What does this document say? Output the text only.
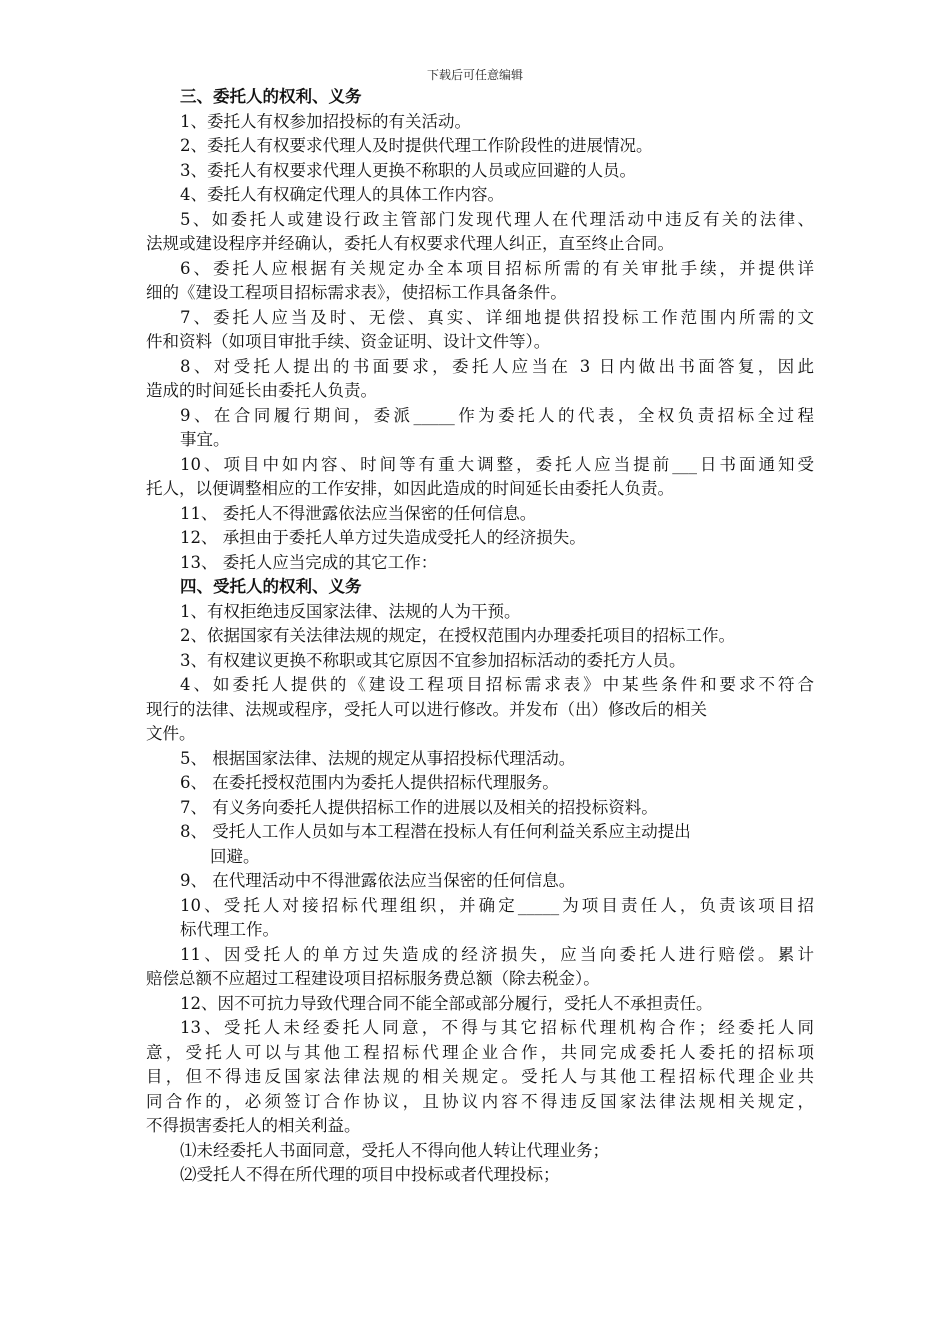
下载后可任意编辑
三、委托人的权利、义务
1、委托人有权参加招投标的有关活动。
2、委托人有权要求代理人及时提供代理工作阶段性的进展情况。
3、委托人有权要求代理人更换不称职的人员或应回避的人员。
4、委托人有权确定代理人的具体工作内容。
5、如委托人或建设行政主管部门发现代理人在代理活动中违反有关的法律、
法规或建设程序并经确认，委托人有权要求代理人纠正，直至终止合同。
6、委托人应根据有关规定办全本项目招标所需的有关审批手续，并提供详
细的《建设工程项目招标需求表》，使招标工作具备条件。
7、委托人应当及时、无偿、真实、详细地提供招投标工作范围内所需的文
件和资料（如项目审批手续、资金证明、设计文件等）。
8、对受托人提出的书面要求，委托人应当在 3 日内做出书面答复，因此
造成的时间延长由委托人负责。
9、在合同履行期间，委派_____作为委托人的代表，全权负责招标全过程
事宜。
10、项目中如内容、时间等有重大调整，委托人应当提前___日书面通知受
托人，以便调整相应的工作安排，如因此造成的时间延长由委托人负责。
11、 委托人不得泄露依法应当保密的任何信息。
12、 承担由于委托人单方过失造成受托人的经济损失。
13、 委托人应当完成的其它工作：
四、受托人的权利、义务
1、有权拒绝违反国家法律、法规的人为干预。
2、依据国家有关法律法规的规定，在授权范围内办理委托项目的招标工作。
3、有权建议更换不称职或其它原因不宜参加招标活动的委托方人员。
4、如委托人提供的《建设工程项目招标需求表》中某些条件和要求不符合
现行的法律、法规或程序，受托人可以进行修改。并发布（出）修改后的相关
文件。
5、 根据国家法律、法规的规定从事招投标代理活动。
6、 在委托授权范围内为委托人提供招标代理服务。
7、 有义务向委托人提供招标工作的进展以及相关的招投标资料。
8、 受托人工作人员如与本工程潜在投标人有任何利益关系应主动提出
回避。
9、 在代理活动中不得泄露依法应当保密的任何信息。
10、受托人对接招标代理组织，并确定_____为项目责任人，负责该项目招
标代理工作。
11、因受托人的单方过失造成的经济损失，应当向委托人进行赔偿。累计
赔偿总额不应超过工程建设项目招标服务费总额（除去税金）。
12、因不可抗力导致代理合同不能全部或部分履行，受托人不承担责任。
13、受托人未经委托人同意，不得与其它招标代理机构合作；经委托人同
意，受托人可以与其他工程招标代理企业合作，共同完成委托人委托的招标项
目，但不得违反国家法律法规的相关规定。受托人与其他工程招标代理企业共
同合作的，必须签订合作协议，且协议内容不得违反国家法律法规相关规定，
不得损害委托人的相关利益。
⑴未经委托人书面同意，受托人不得向他人转让代理业务；
⑵受托人不得在所代理的项目中投标或者代理投标；
